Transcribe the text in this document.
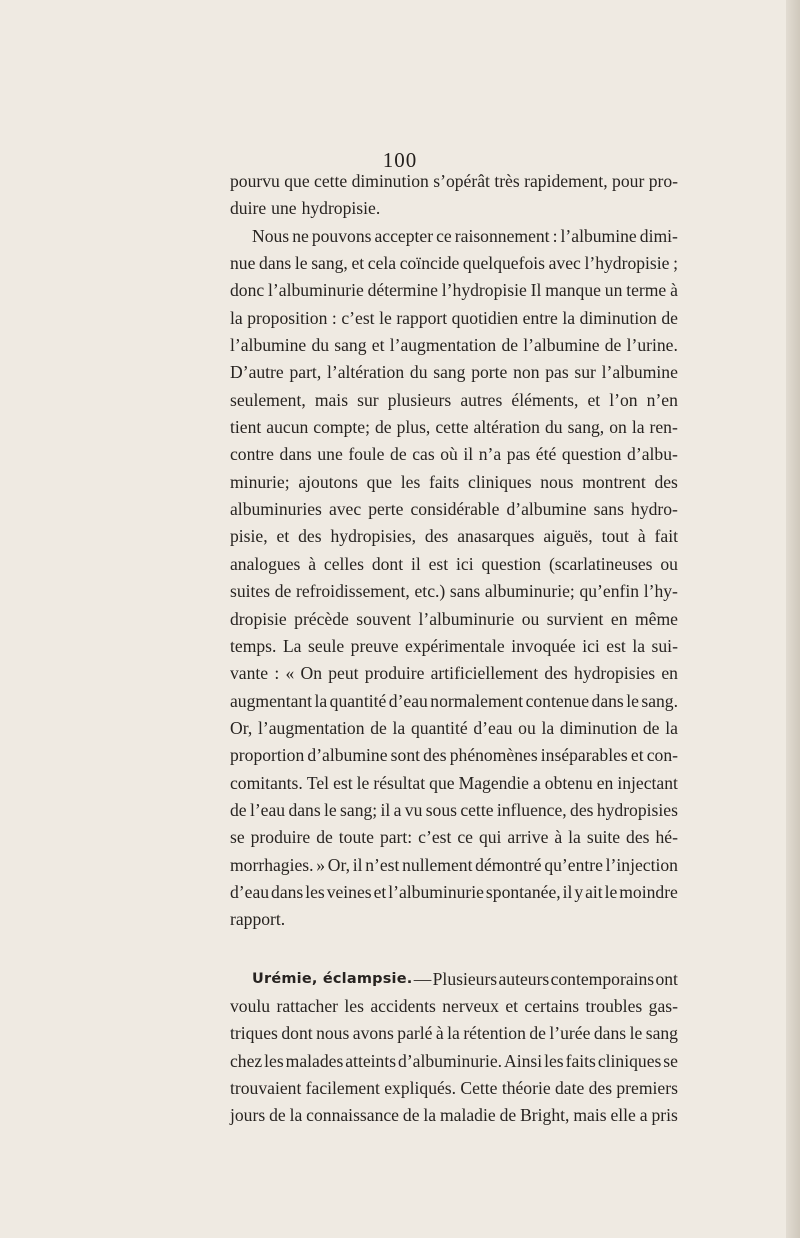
100
pourvu que cette diminution s’opérât très rapidement, pour pro-
duire une hydropisie.
Nous ne pouvons accepter ce raisonnement : l’albumine dimi-
nue dans le sang, et cela coïncide quelquefois avec l’hydropisie ;
donc l’albuminurie détermine l’hydropisie Il manque un terme à
la proposition : c’est le rapport quotidien entre la diminution de
l’albumine du sang et l’augmentation de l’albumine de l’urine.
D’autre part, l’altération du sang porte non pas sur l’albumine
seulement, mais sur plusieurs autres éléments, et l’on n’en
tient aucun compte; de plus, cette altération du sang, on la ren-
contre dans une foule de cas où il n’a pas été question d’albu-
minurie; ajoutons que les faits cliniques nous montrent des
albuminuries avec perte considérable d’albumine sans hydro-
pisie, et des hydropisies, des anasarques aiguës, tout à fait
analogues à celles dont il est ici question (scarlatineuses ou
suites de refroidissement, etc.) sans albuminurie; qu’enfin l’hy-
dropisie précède souvent l’albuminurie ou survient en même
temps. La seule preuve expérimentale invoquée ici est la sui-
vante : « On peut produire artificiellement des hydropisies en
augmentant la quantité d’eau normalement contenue dans le sang.
Or, l’augmentation de la quantité d’eau ou la diminution de la
proportion d’albumine sont des phénomènes inséparables et con-
comitants. Tel est le résultat que Magendie a obtenu en injectant
de l’eau dans le sang; il a vu sous cette influence, des hydropisies
se produire de toute part: c’est ce qui arrive à la suite des hé-
morrhagies. » Or, il n’est nullement démontré qu’entre l’injection
d’eau dans les veines et l’albuminurie spontanée, il y ait le moindre
rapport.
Urémie, éclampsie. — Plusieurs auteurs contemporains ont
voulu rattacher les accidents nerveux et certains troubles gas-
triques dont nous avons parlé à la rétention de l’urée dans le sang
chez les malades atteints d’albuminurie. Ainsi les faits cliniques se
trouvaient facilement expliqués. Cette théorie date des premiers
jours de la connaissance de la maladie de Bright, mais elle a pris
